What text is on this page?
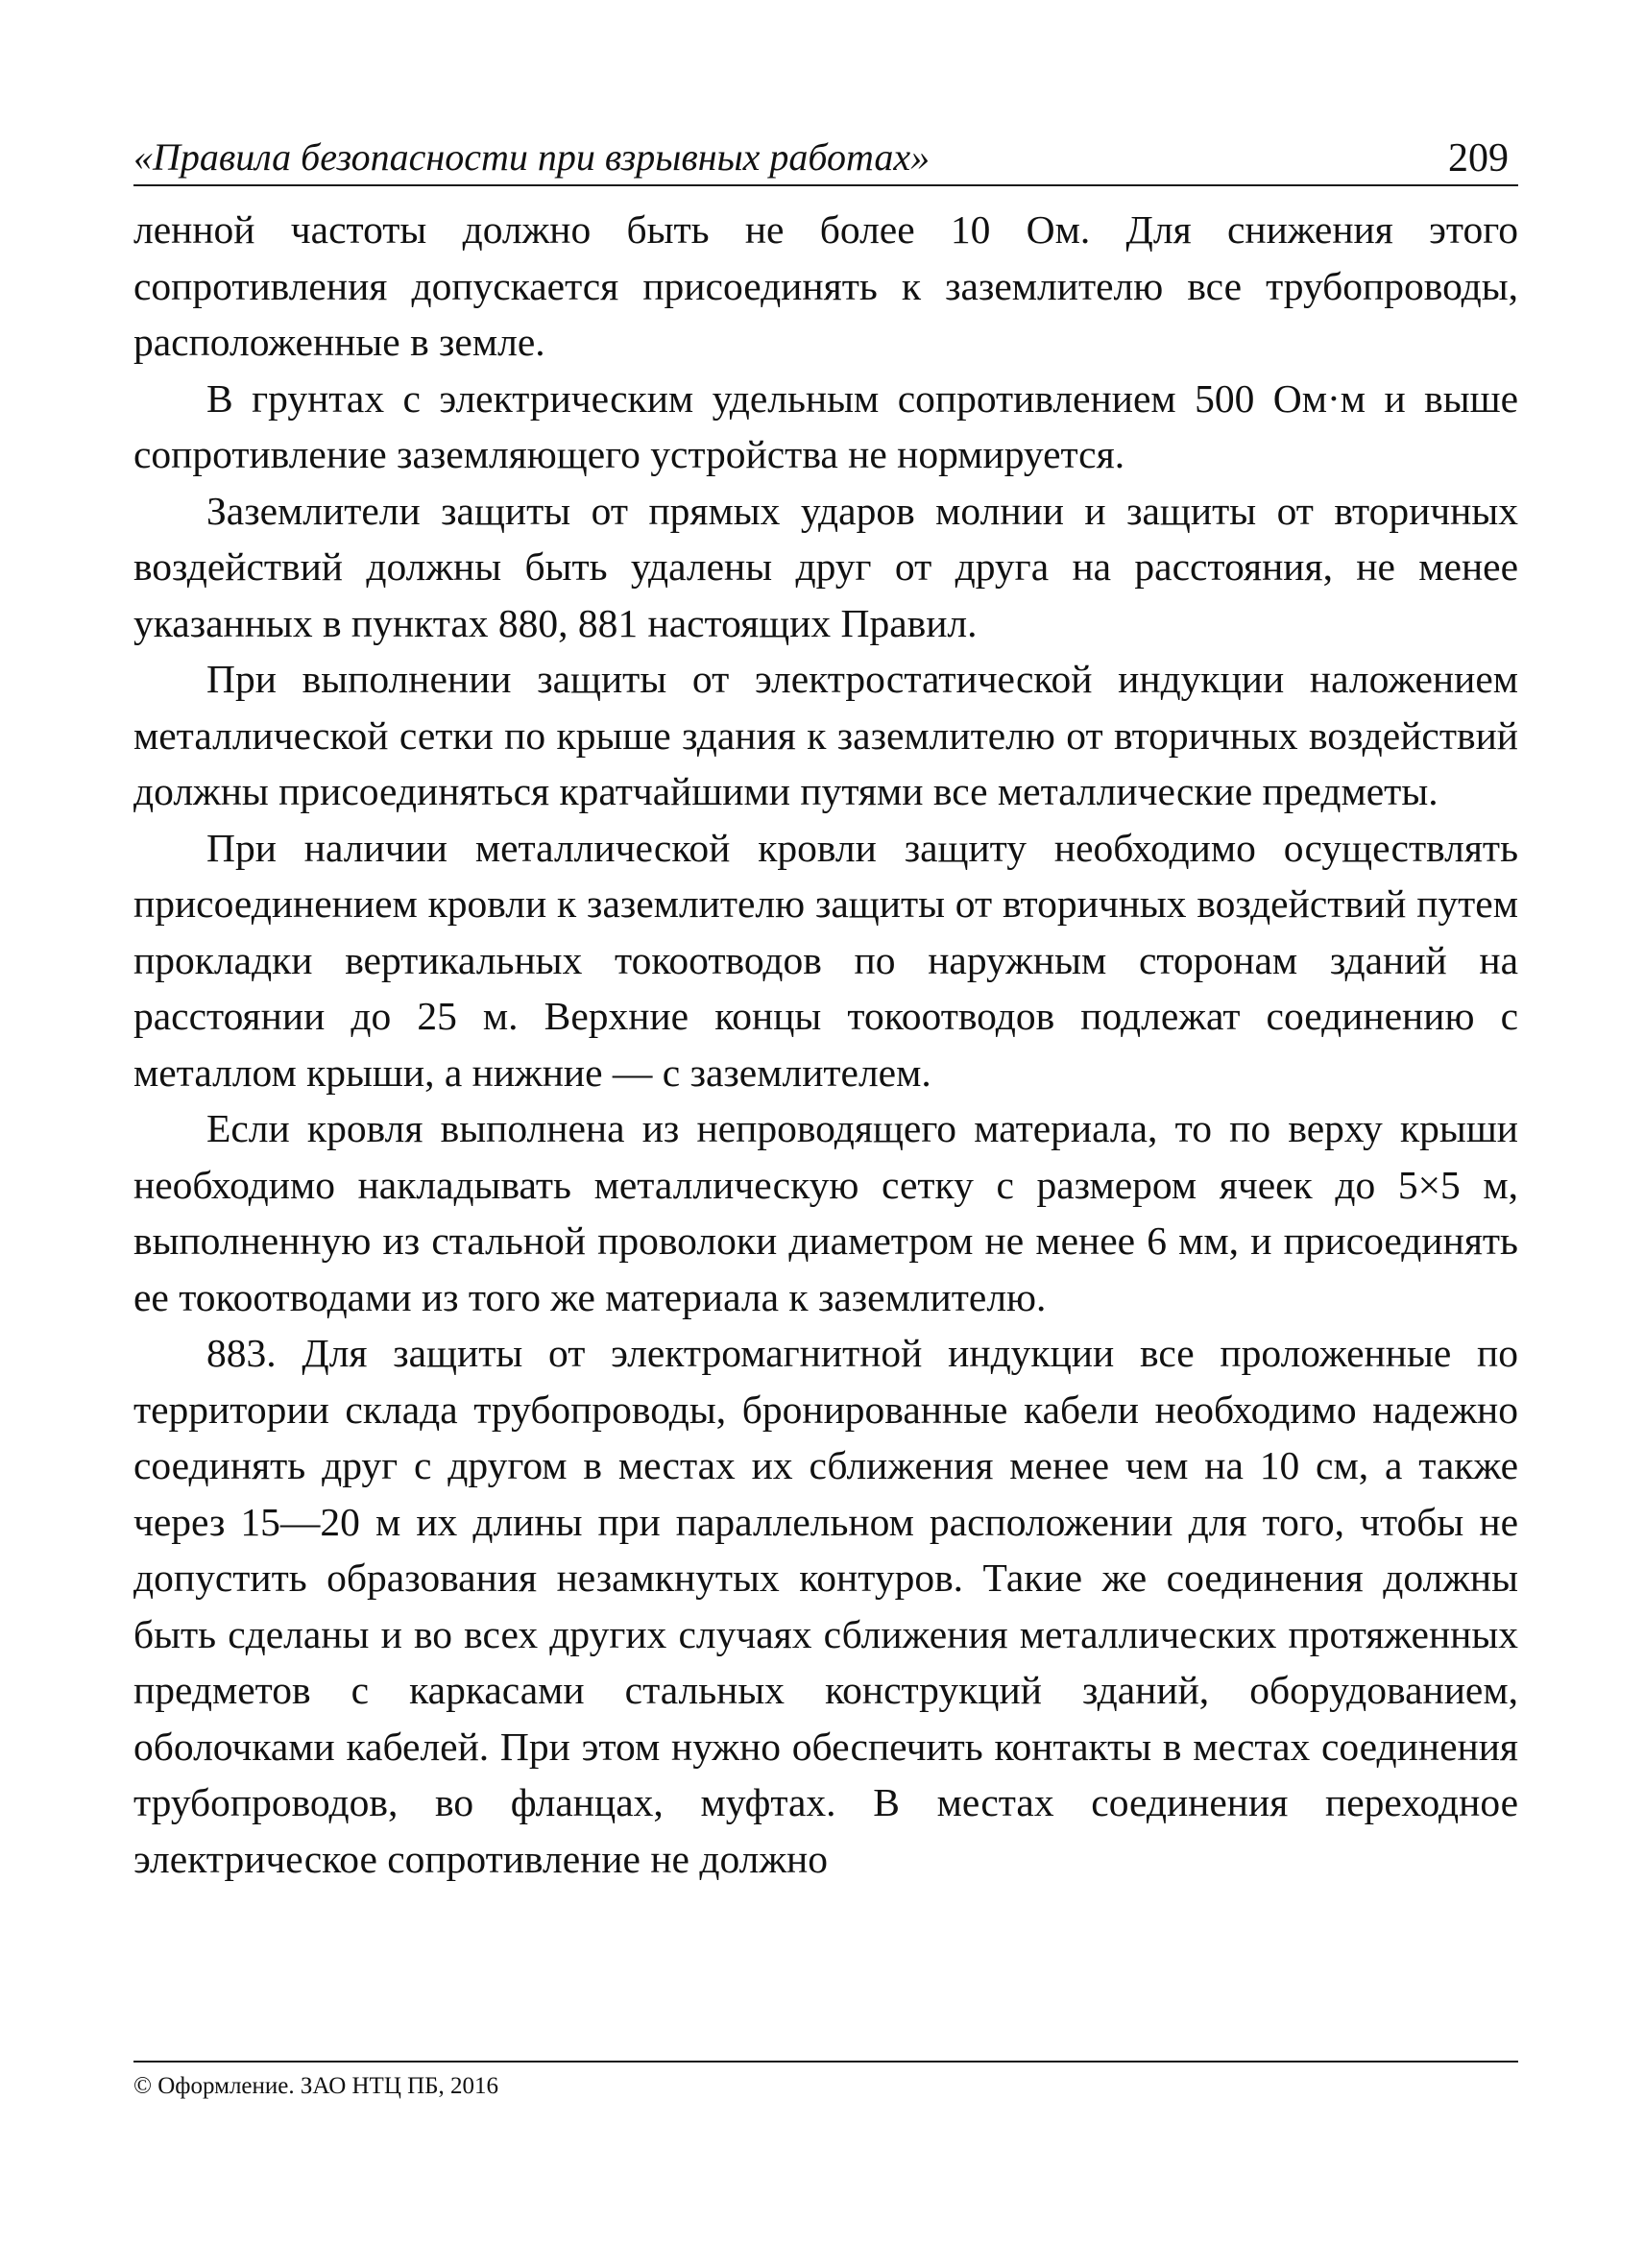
«Правила безопасности при взрывных работах»	209

ленной частоты должно быть не более 10 Ом. Для снижения этого сопротивления допускается присоединять к заземлителю все трубопроводы, расположенные в земле.

В грунтах с электрическим удельным сопротивлением 500 Ом·м и выше сопротивление заземляющего устройства не нормируется.

Заземлители защиты от прямых ударов молнии и защиты от вторичных воздействий должны быть удалены друг от друга на расстояния, не менее указанных в пунктах 880, 881 настоящих Правил.

При выполнении защиты от электростатической индукции наложением металлической сетки по крыше здания к заземлителю от вторичных воздействий должны присоединяться кратчайшими путями все металлические предметы.

При наличии металлической кровли защиту необходимо осуществлять присоединением кровли к заземлителю защиты от вторичных воздействий путем прокладки вертикальных токоотводов по наружным сторонам зданий на расстоянии до 25 м. Верхние концы токоотводов подлежат соединению с металлом крыши, а нижние — с заземлителем.

Если кровля выполнена из непроводящего материала, то по верху крыши необходимо накладывать металлическую сетку с размером ячеек до 5×5 м, выполненную из стальной проволоки диаметром не менее 6 мм, и присоединять ее токоотводами из того же материала к заземлителю.

883. Для защиты от электромагнитной индукции все проложенные по территории склада трубопроводы, бронированные кабели необходимо надежно соединять друг с другом в местах их сближения менее чем на 10 см, а также через 15—20 м их длины при параллельном расположении для того, чтобы не допустить образования незамкнутых контуров. Такие же соединения должны быть сделаны и во всех других случаях сближения металлических протяженных предметов с каркасами стальных конструкций зданий, оборудованием, оболочками кабелей. При этом нужно обеспечить контакты в местах соединения трубопроводов, во фланцах, муфтах. В местах соединения переходное электрическое сопротивление не должно

© Оформление. ЗАО НТЦ ПБ, 2016
